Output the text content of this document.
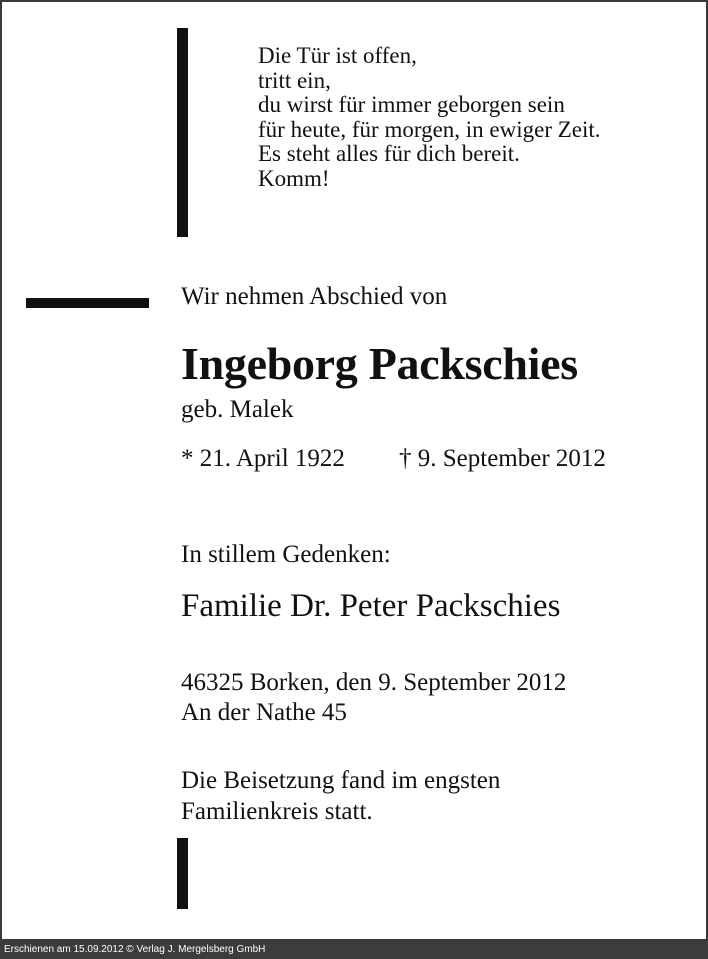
Die Tür ist offen,
tritt ein,
du wirst für immer geborgen sein
für heute, für morgen, in ewiger Zeit.
Es steht alles für dich bereit.
Komm!
Wir nehmen Abschied von
Ingeborg Packschies
geb. Malek
* 21. April 1922 † 9. September 2012
In stillem Gedenken:
Familie Dr. Peter Packschies
46325 Borken, den 9. September 2012
An der Nathe 45
Die Beisetzung fand im engsten
Familienkreis statt.
Erschienen am 15.09.2012 © Verlag J. Mergelsberg GmbH
